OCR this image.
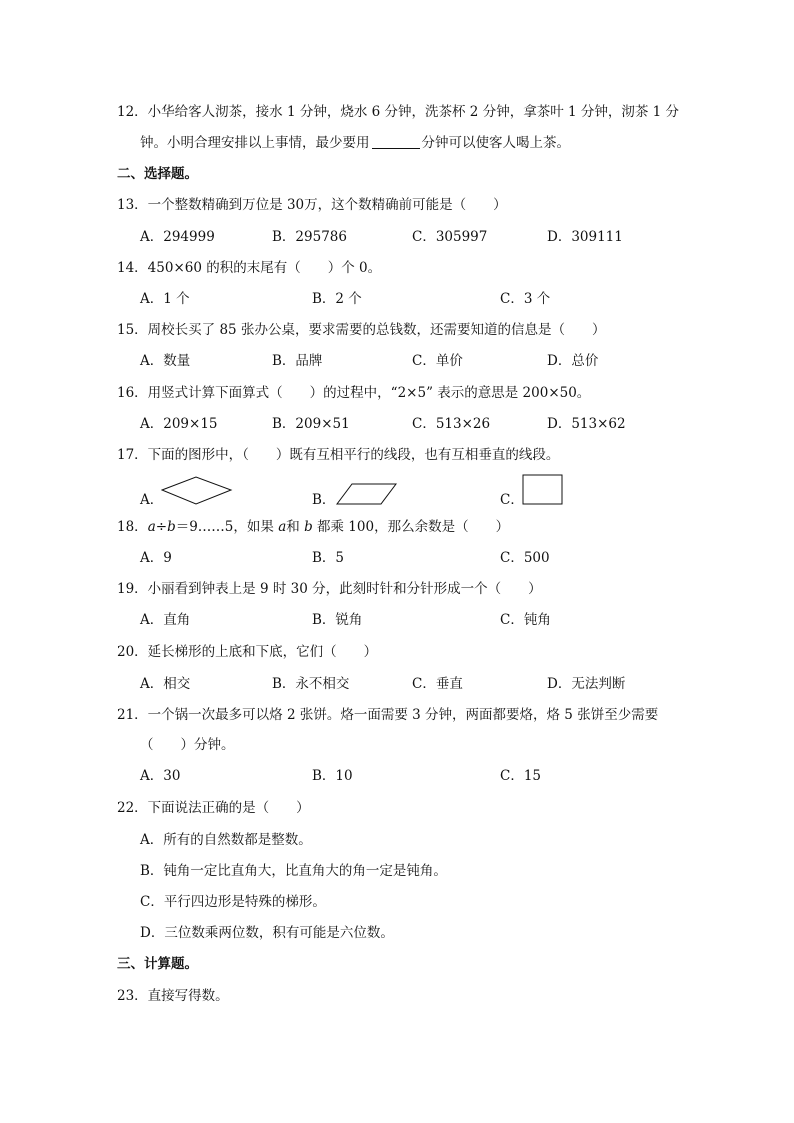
12．小华给客人沏茶，接水 1 分钟，烧水 6 分钟，洗茶杯 2 分钟，拿茶叶 1 分钟，沏茶 1 分
钟。小明合理安排以上事情，最少要用	分钟可以使客人喝上茶。
二、选择题。
13．一个整数精确到万位是 30万，这个数精确前可能是（　　）
A．294999	B．295786	C．305997	D．309111
14．450×60 的积的末尾有（　　）个 0。
A．1 个	B．2 个	C．3 个
15．周校长买了 85 张办公桌，要求需要的总钱数，还需要知道的信息是（　　）
A．数量	B．品牌	C．单价	D．总价
16．用竖式计算下面算式（　　）的过程中，“2×5” 表示的意思是 200×50。
A．209×15	B．209×51	C．513×26	D．513×62
17．下面的图形中，（　　）既有互相平行的线段，也有互相垂直的线段。
A．	B．	C．
18．a÷b＝9……5，如果 a和 b 都乘 100，那么余数是（　　）
A．9	B．5	C．500
19．小丽看到钟表上是 9 时 30 分，此刻时针和分针形成一个（　　）
A．直角	B．锐角	C．钝角
20．延长梯形的上底和下底，它们（　　）
A．相交	B．永不相交	C．垂直	D．无法判断
21．一个锅一次最多可以烙 2 张饼。烙一面需要 3 分钟，两面都要烙，烙 5 张饼至少需要
（　　）分钟。
A．30	B．10	C．15
22．下面说法正确的是（　　）
A．所有的自然数都是整数。
B．钝角一定比直角大，比直角大的角一定是钝角。
C．平行四边形是特殊的梯形。
D．三位数乘两位数，积有可能是六位数。
三、计算题。
23．直接写得数。
